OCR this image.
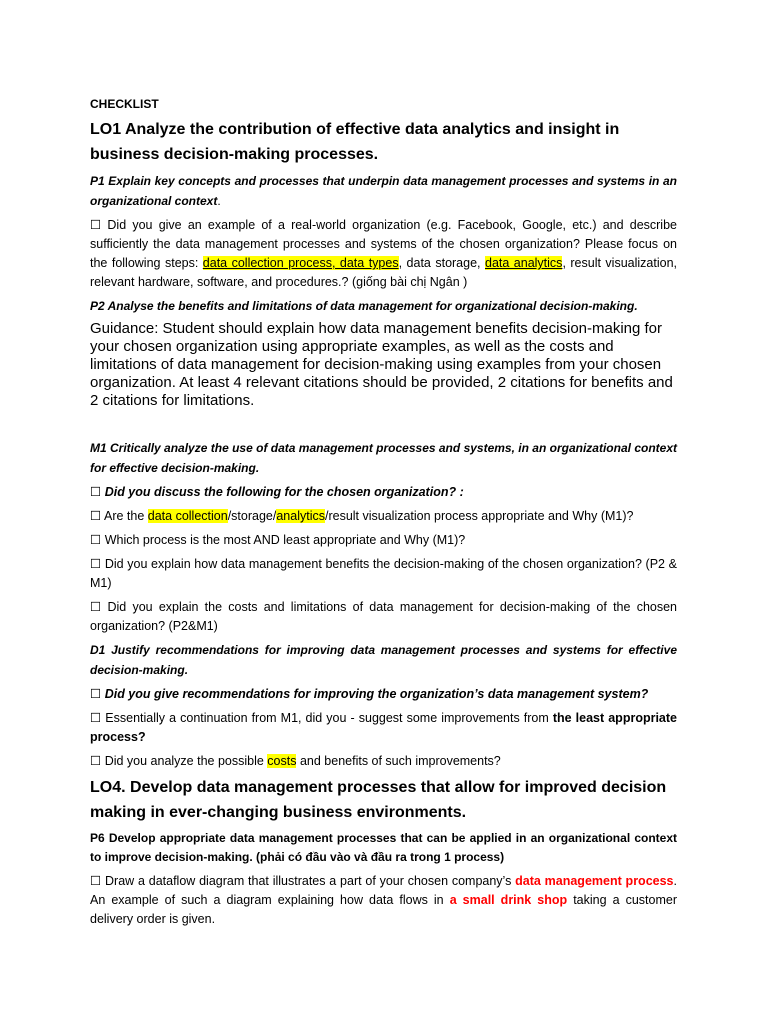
CHECKLIST
LO1 Analyze the contribution of effective data analytics and insight in business decision-making processes.
P1 Explain key concepts and processes that underpin data management processes and systems in an organizational context.
☐ Did you give an example of a real-world organization (e.g. Facebook, Google, etc.) and describe sufficiently the data management processes and systems of the chosen organization? Please focus on the following steps: data collection process, data types, data storage, data analytics, result visualization, relevant hardware, software, and procedures.? (giống bài chị Ngân )
P2 Analyse the benefits and limitations of data management for organizational decision-making.
Guidance: Student should explain how data management benefits decision-making for your chosen organization using appropriate examples, as well as the costs and limitations of data management for decision-making using examples from your chosen organization. At least 4 relevant citations should be provided, 2 citations for benefits and 2 citations for limitations.
M1 Critically analyze the use of data management processes and systems, in an organizational context for effective decision-making.
☐ Did you discuss the following for the chosen organization? :
☐ Are the data collection/storage/analytics/result visualization process appropriate and Why (M1)?
☐ Which process is the most AND least appropriate and Why (M1)?
☐ Did you explain how data management benefits the decision-making of the chosen organization? (P2 & M1)
☐ Did you explain the costs and limitations of data management for decision-making of the chosen organization? (P2&M1)
D1 Justify recommendations for improving data management processes and systems for effective decision-making.
☐ Did you give recommendations for improving the organization’s data management system?
☐ Essentially a continuation from M1, did you - suggest some improvements from the least appropriate process?
☐ Did you analyze the possible costs and benefits of such improvements?
LO4. Develop data management processes that allow for improved decision making in ever-changing business environments.
P6 Develop appropriate data management processes that can be applied in an organizational context to improve decision-making. (phải có đầu vào và đầu ra trong 1 process)
☐ Draw a dataflow diagram that illustrates a part of your chosen company’s data management process. An example of such a diagram explaining how data flows in a small drink shop taking a customer delivery order is given.
